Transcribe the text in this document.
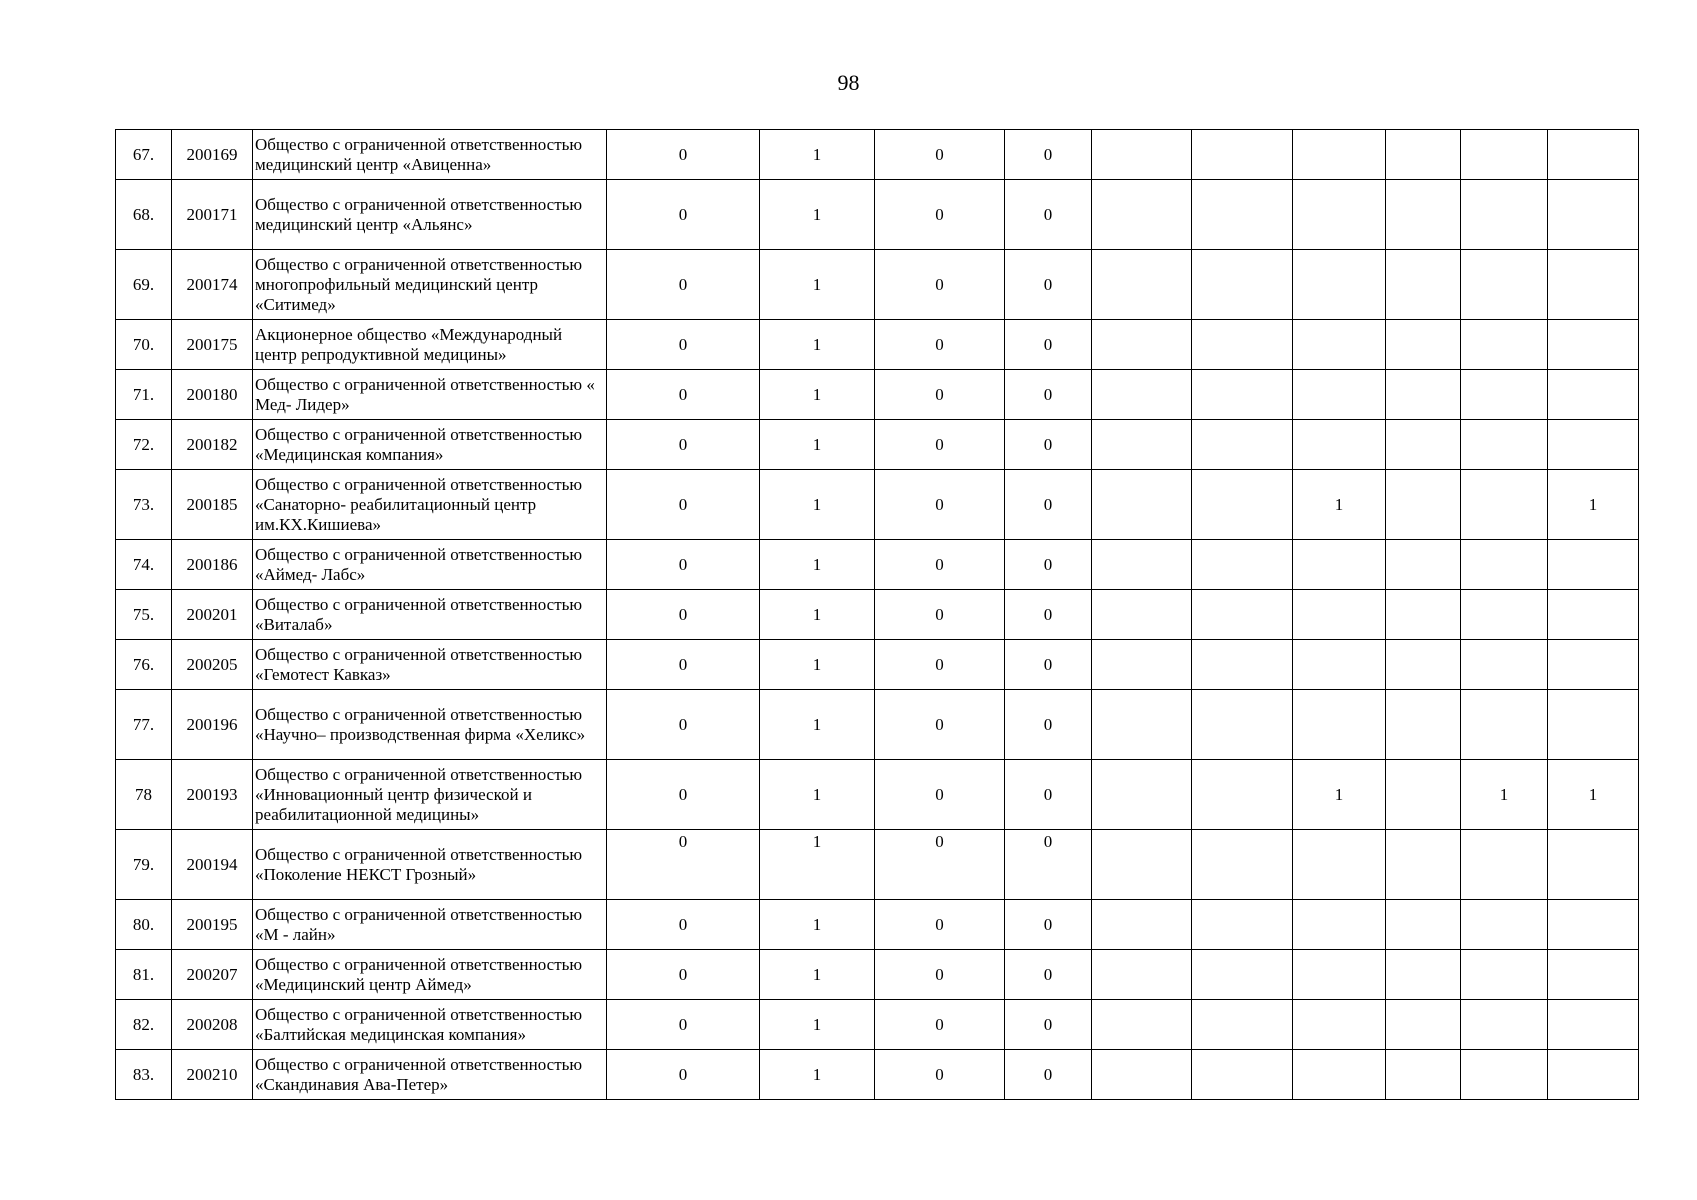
98
67.	200169	Общество с ограниченной ответственностью медицинский центр «Авиценна»	0	1	0	0						
68.	200171	Общество с ограниченной ответственностью медицинский центр «Альянс»	0	1	0	0						
69.	200174	Общество с ограниченной ответственностью многопрофильный медицинский центр «Ситимед»	0	1	0	0						
70.	200175	Акционерное общество «Международный центр репродуктивной медицины»	0	1	0	0						
71.	200180	Общество с ограниченной ответственностью « Мед- Лидер»	0	1	0	0						
72.	200182	Общество с ограниченной ответственностью «Медицинская компания»	0	1	0	0						
73.	200185	Общество с ограниченной ответственностью «Санаторно- реабилитационный центр им.КХ.Кишиева»	0	1	0	0			1			1
74.	200186	Общество с ограниченной ответственностью «Аймед- Лабс»	0	1	0	0						
75.	200201	Общество с ограниченной ответственностью «Виталаб»	0	1	0	0						
76.	200205	Общество с ограниченной ответственностью «Гемотест Кавказ»	0	1	0	0						
77.	200196	Общество с ограниченной ответственностью «Научно– производственная фирма «Хеликс»	0	1	0	0						
78	200193	Общество с ограниченной ответственностью «Инновационный центр физической и реабилитационной медицины»	0	1	0	0			1		1	1
79.	200194	Общество с ограниченной ответственностью «Поколение НЕКСТ Грозный»	0	1	0	0						
80.	200195	Общество с ограниченной ответственностью «М - лайн»	0	1	0	0						
81.	200207	Общество с ограниченной ответственностью «Медицинский центр Аймед»	0	1	0	0						
82.	200208	Общество с ограниченной ответственностью «Балтийская медицинская компания»	0	1	0	0						
83.	200210	Общество с ограниченной ответственностью «Скандинавия Ава-Петер»	0	1	0	0						
